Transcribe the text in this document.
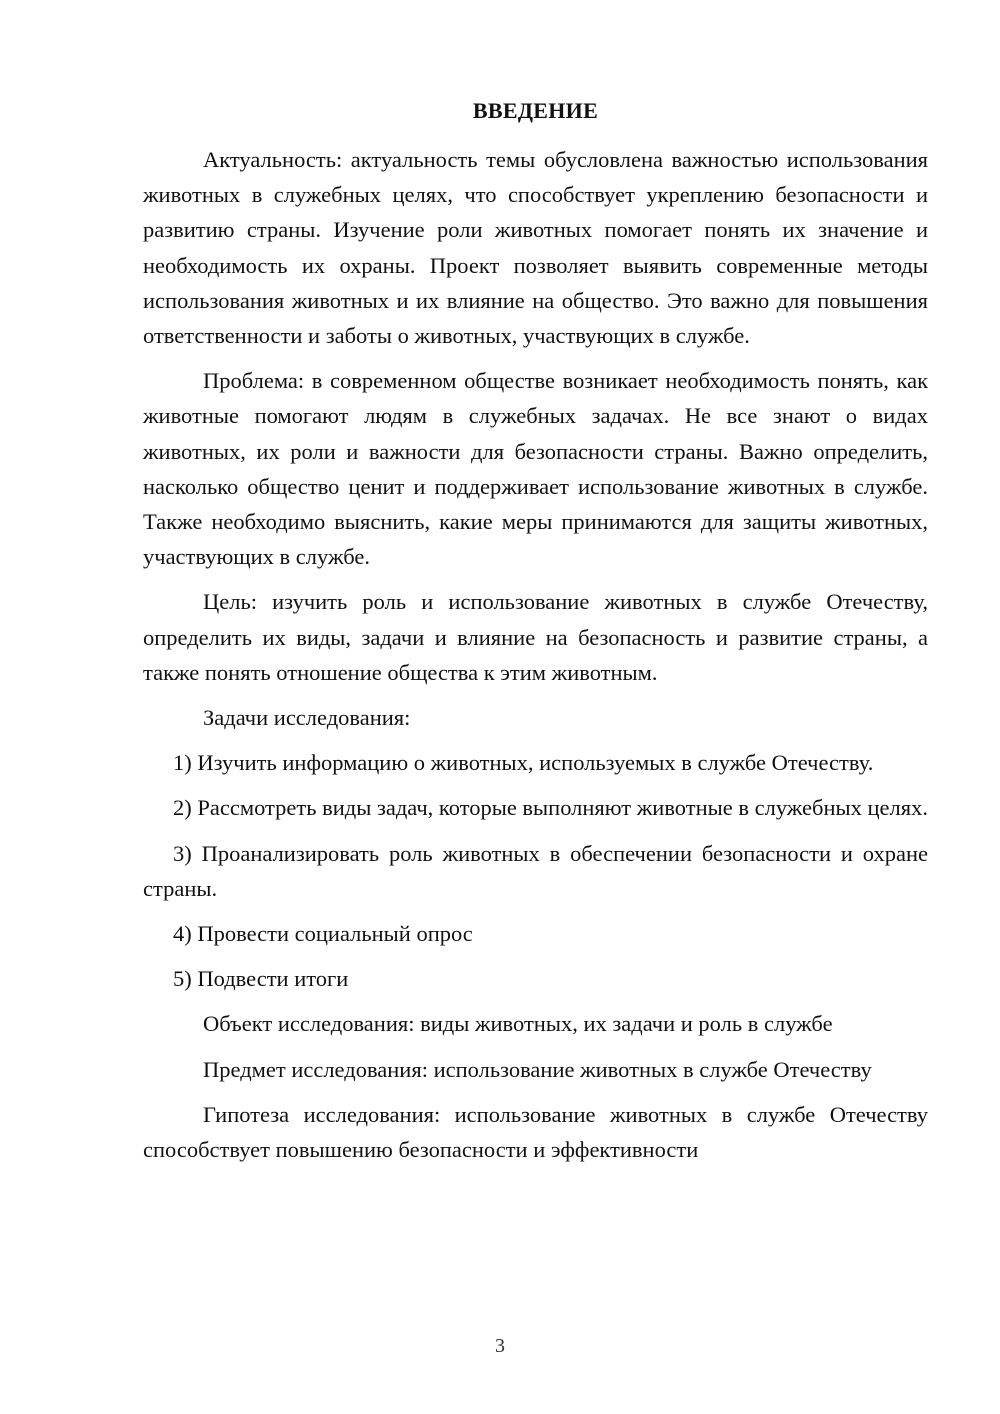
ВВЕДЕНИЕ

Актуальность: актуальность темы обусловлена важностью использования животных в служебных целях, что способствует укреплению безопасности и развитию страны. Изучение роли животных помогает понять их значение и необходимость их охраны. Проект позволяет выявить современные методы использования животных и их влияние на общество. Это важно для повышения ответственности и заботы о животных, участвующих в службе.

Проблема: в современном обществе возникает необходимость понять, как животные помогают людям в служебных задачах. Не все знают о видах животных, их роли и важности для безопасности страны. Важно определить, насколько общество ценит и поддерживает использование животных в службе. Также необходимо выяснить, какие меры принимаются для защиты животных, участвующих в службе.

Цель: изучить роль и использование животных в службе Отечеству, определить их виды, задачи и влияние на безопасность и развитие страны, а также понять отношение общества к этим животным.

Задачи исследования:

1) Изучить информацию о животных, используемых в службе Отечеству.

2) Рассмотреть виды задач, которые выполняют животные в служебных целях.

3) Проанализировать роль животных в обеспечении безопасности и охране страны.

4) Провести социальный опрос

5) Подвести итоги

Объект исследования: виды животных, их задачи и роль в службе

Предмет исследования: использование животных в службе Отечеству

Гипотеза исследования: использование животных в службе Отечеству способствует повышению безопасности и эффективности

3
